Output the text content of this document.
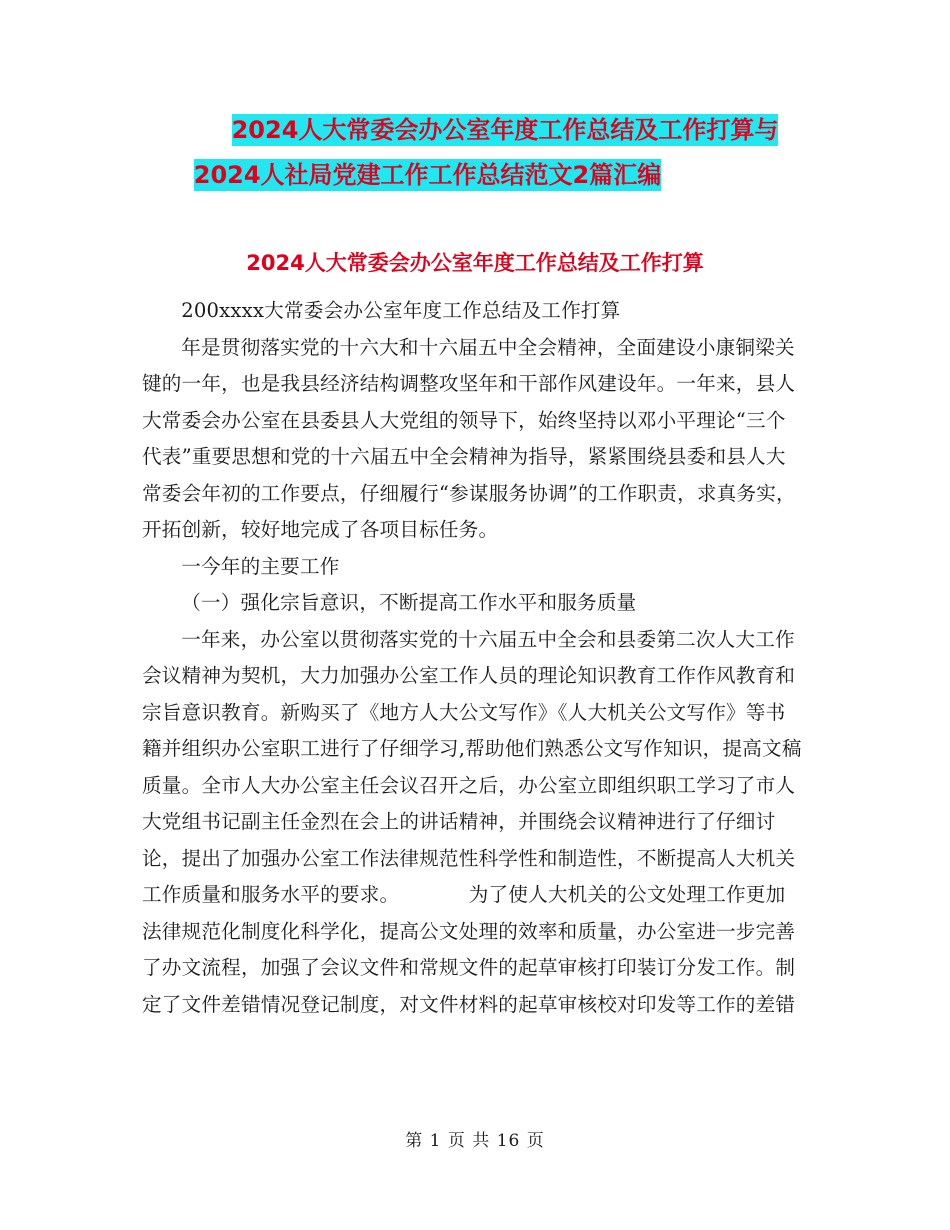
2024人大常委会办公室年度工作总结及工作打算与
2024人社局党建工作工作总结范文2篇汇编
2024人大常委会办公室年度工作总结及工作打算

200xxxx大常委会办公室年度工作总结及工作打算

年是贯彻落实党的十六大和十六届五中全会精神，全面建设小康铜梁关键的一年，也是我县经济结构调整攻坚年和干部作风建设年。一年来，县人大常委会办公室在县委县人大党组的领导下，始终坚持以邓小平理论“三个代表”重要思想和党的十六届五中全会精神为指导，紧紧围绕县委和县人大常委会年初的工作要点，仔细履行“参谋服务协调”的工作职责，求真务实，开拓创新，较好地完成了各项目标任务。

一今年的主要工作

（一）强化宗旨意识，不断提高工作水平和服务质量

一年来，办公室以贯彻落实党的十六届五中全会和县委第二次人大工作会议精神为契机，大力加强办公室工作人员的理论知识教育工作作风教育和宗旨意识教育。新购买了《地方人大公文写作》《人大机关公文写作》等书籍并组织办公室职工进行了仔细学习,帮助他们熟悉公文写作知识，提高文稿质量。全市人大办公室主任会议召开之后，办公室立即组织职工学习了市人大党组书记副主任金烈在会上的讲话精神，并围绕会议精神进行了仔细讨论，提出了加强办公室工作法律规范性科学性和制造性，不断提高人大机关工作质量和服务水平的要求。　　　　为了使人大机关的公文处理工作更加法律规范化制度化科学化，提高公文处理的效率和质量，办公室进一步完善了办文流程，加强了会议文件和常规文件的起草审核打印装订分发工作。制定了文件差错情况登记制度，对文件材料的起草审核校对印发等工作的差错

第 1 页 共 16 页
